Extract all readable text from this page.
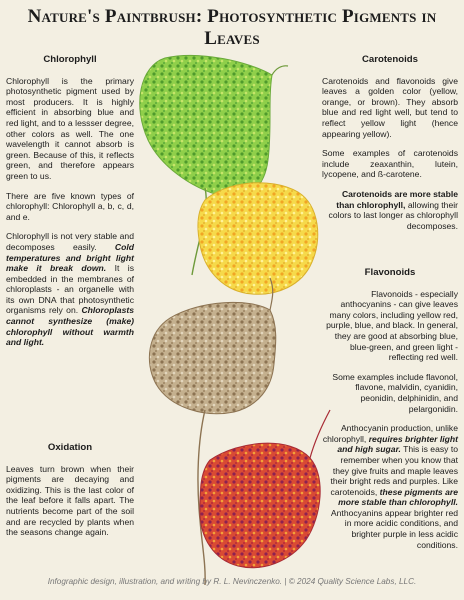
Nature's Paintbrush: Photosynthetic Pigments in Leaves
Chlorophyll

Chlorophyll is the primary photosynthetic pigment used by most producers. It is highly efficient in absorbing blue and red light, and to a lessser degree, other colors as well. The one wavelength it cannot absorb is green. Because of this, it reflects green, and therefore appears green to us.

There are five known types of chlorophyll: Chlorophyll a, b, c, d, and e.

Chlorophyll is not very stable and decomposes easily. Cold temperatures and bright light make it break down. It is embedded in the membranes of chloroplasts - an organelle with its own DNA that photosynthetic organisms rely on. Chloroplasts cannot synthesize (make) chlorophyll without warmth and light.

Oxidation

Leaves turn brown when their pigments are decaying and oxidizing. This is the last color of the leaf before it falls apart. The nutrients become part of the soil and are recycled by plants when the seasons change again.

Carotenoids

Carotenoids and flavonoids give leaves a golden color (yellow, orange, or brown). They absorb blue and red light well, but tend to reflect yellow light (hence appearing yellow).

Some examples of carotenoids include zeaxanthin, lutein, lycopene, and ß-carotene.

Carotenoids are more stable than chlorophyll, allowing their colors to last longer as chlorophyll decomposes.

Flavonoids

Flavonoids - especially anthocyanins - can give leaves many colors, including yellow red, purple, blue, and black. In general, they are good at absorbing blue, blue-green, and green light - reflecting red well.

Some examples include flavonol, flavone, malvidin, cyanidin, peonidin, delphinidin, and pelargonidin.

Anthocyanin production, unlike chlorophyll, requires brighter light and high sugar. This is easy to remember when you know that they give fruits and maple leaves their bright reds and purples. Like carotenoids, these pigments are more stable than chlorophyll. Anthocyanins appear brighter red in more acidic conditions, and brighter purple in less acidic conditions.

Infographic design, illustration, and writing by R. L. Nevinczenko. | © 2024 Quality Science Labs, LLC.
